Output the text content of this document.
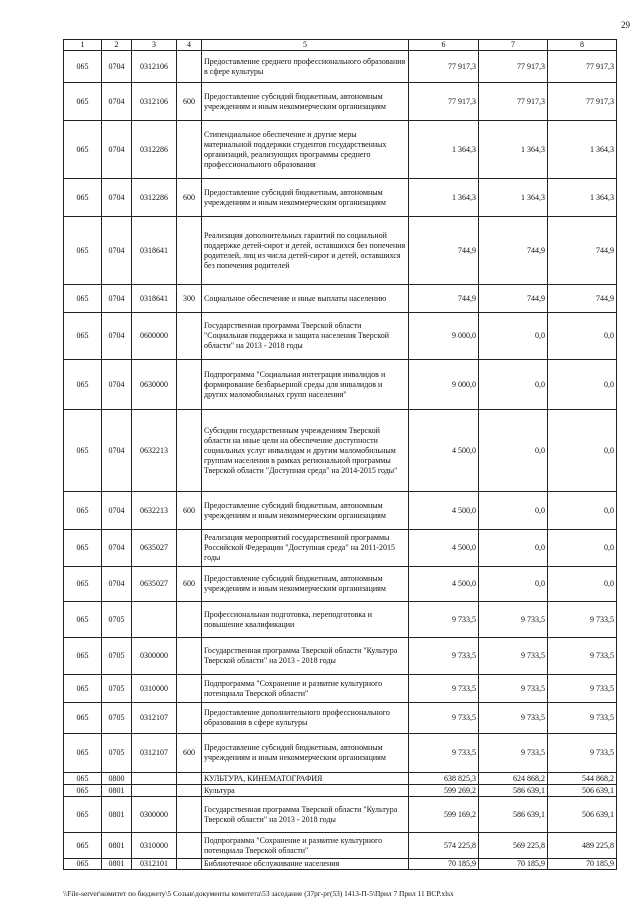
29
1	2	3	4	5	6	7	8
065	0704	0312106		Предоставление среднего профессионального образования в сфере культуры	77 917,3	77 917,3	77 917,3
065	0704	0312106	600	Предоставление субсидий бюджетным, автономным учреждениям и иным некоммерческим организациям	77 917,3	77 917,3	77 917,3
065	0704	0312286		Стипендиальное обеспечение и другие меры материальной поддержки студентов государственных организаций, реализующих программы среднего профессионального образования	1 364,3	1 364,3	1 364,3
065	0704	0312286	600	Предоставление субсидий бюджетным, автономным учреждениям и иным некоммерческим организациям	1 364,3	1 364,3	1 364,3
065	0704	0318641		Реализация дополнительных гарантий по социальной поддержке детей-сирот и детей, оставшихся без попечения родителей, лиц из числа детей-сирот и детей, оставшихся без попечения родителей	744,9	744,9	744,9
065	0704	0318641	300	Социальное обеспечение и иные выплаты населению	744,9	744,9	744,9
065	0704	0600000		Государственная программа Тверской области "Социальная поддержка и защита населения Тверской области" на 2013 - 2018 годы	9 000,0	0,0	0,0
065	0704	0630000		Подпрограмма "Социальная интеграция инвалидов и формирование безбарьерной среды для инвалидов и других маломобильных групп населения"	9 000,0	0,0	0,0
065	0704	0632213		Субсидии государственным учреждениям Тверской области на иные цели на обеспечение доступности социальных услуг инвалидам и другим маломобильным группам населения в рамках региональной программы Тверской области "Доступная среда" на 2014-2015 годы"	4 500,0	0,0	0,0
065	0704	0632213	600	Предоставление субсидий бюджетным, автономным учреждениям и иным некоммерческим организациям	4 500,0	0,0	0,0
065	0704	0635027		Реализация мероприятий государственной программы Российской Федерации "Доступная среда" на 2011-2015 годы	4 500,0	0,0	0,0
065	0704	0635027	600	Предоставление субсидий бюджетным, автономным учреждениям и иным некоммерческим организациям	4 500,0	0,0	0,0
065	0705			Профессиональная подготовка, переподготовка и повышение квалификации	9 733,5	9 733,5	9 733,5
065	0705	0300000		Государственная программа Тверской области "Культура Тверской области" на 2013 - 2018 годы	9 733,5	9 733,5	9 733,5
065	0705	0310000		Подпрограмма "Сохранение и развитие культурного потенциала Тверской области"	9 733,5	9 733,5	9 733,5
065	0705	0312107		Предоставление дополнительного профессионального образования в сфере культуры	9 733,5	9 733,5	9 733,5
065	0705	0312107	600	Предоставление субсидий бюджетным, автономным учреждениям и иным некоммерческим организациям	9 733,5	9 733,5	9 733,5
065	0800			КУЛЬТУРА, КИНЕМАТОГРАФИЯ	638 825,3	624 868,2	544 868,2
065	0801			Культура	599 269,2	586 639,1	506 639,1
065	0801	0300000		Государственная программа Тверской области "Культура Тверской области" на 2013 - 2018 годы	599 169,2	586 639,1	506 639,1
065	0801	0310000		Подпрограмма "Сохранение и развитие культурного потенциала Тверской области"	574 225,8	569 225,8	489 225,8
065	0801	0312101		Библиотечное обслуживание населения	70 185,9	70 185,9	70 185,9
\\File-server\комитет по бюджету\5 Созыв\документы комитета\53 заседание (37рг-рг(53) 1413-П-5\Прил 7 Прил 11 ВСР.xlsx
